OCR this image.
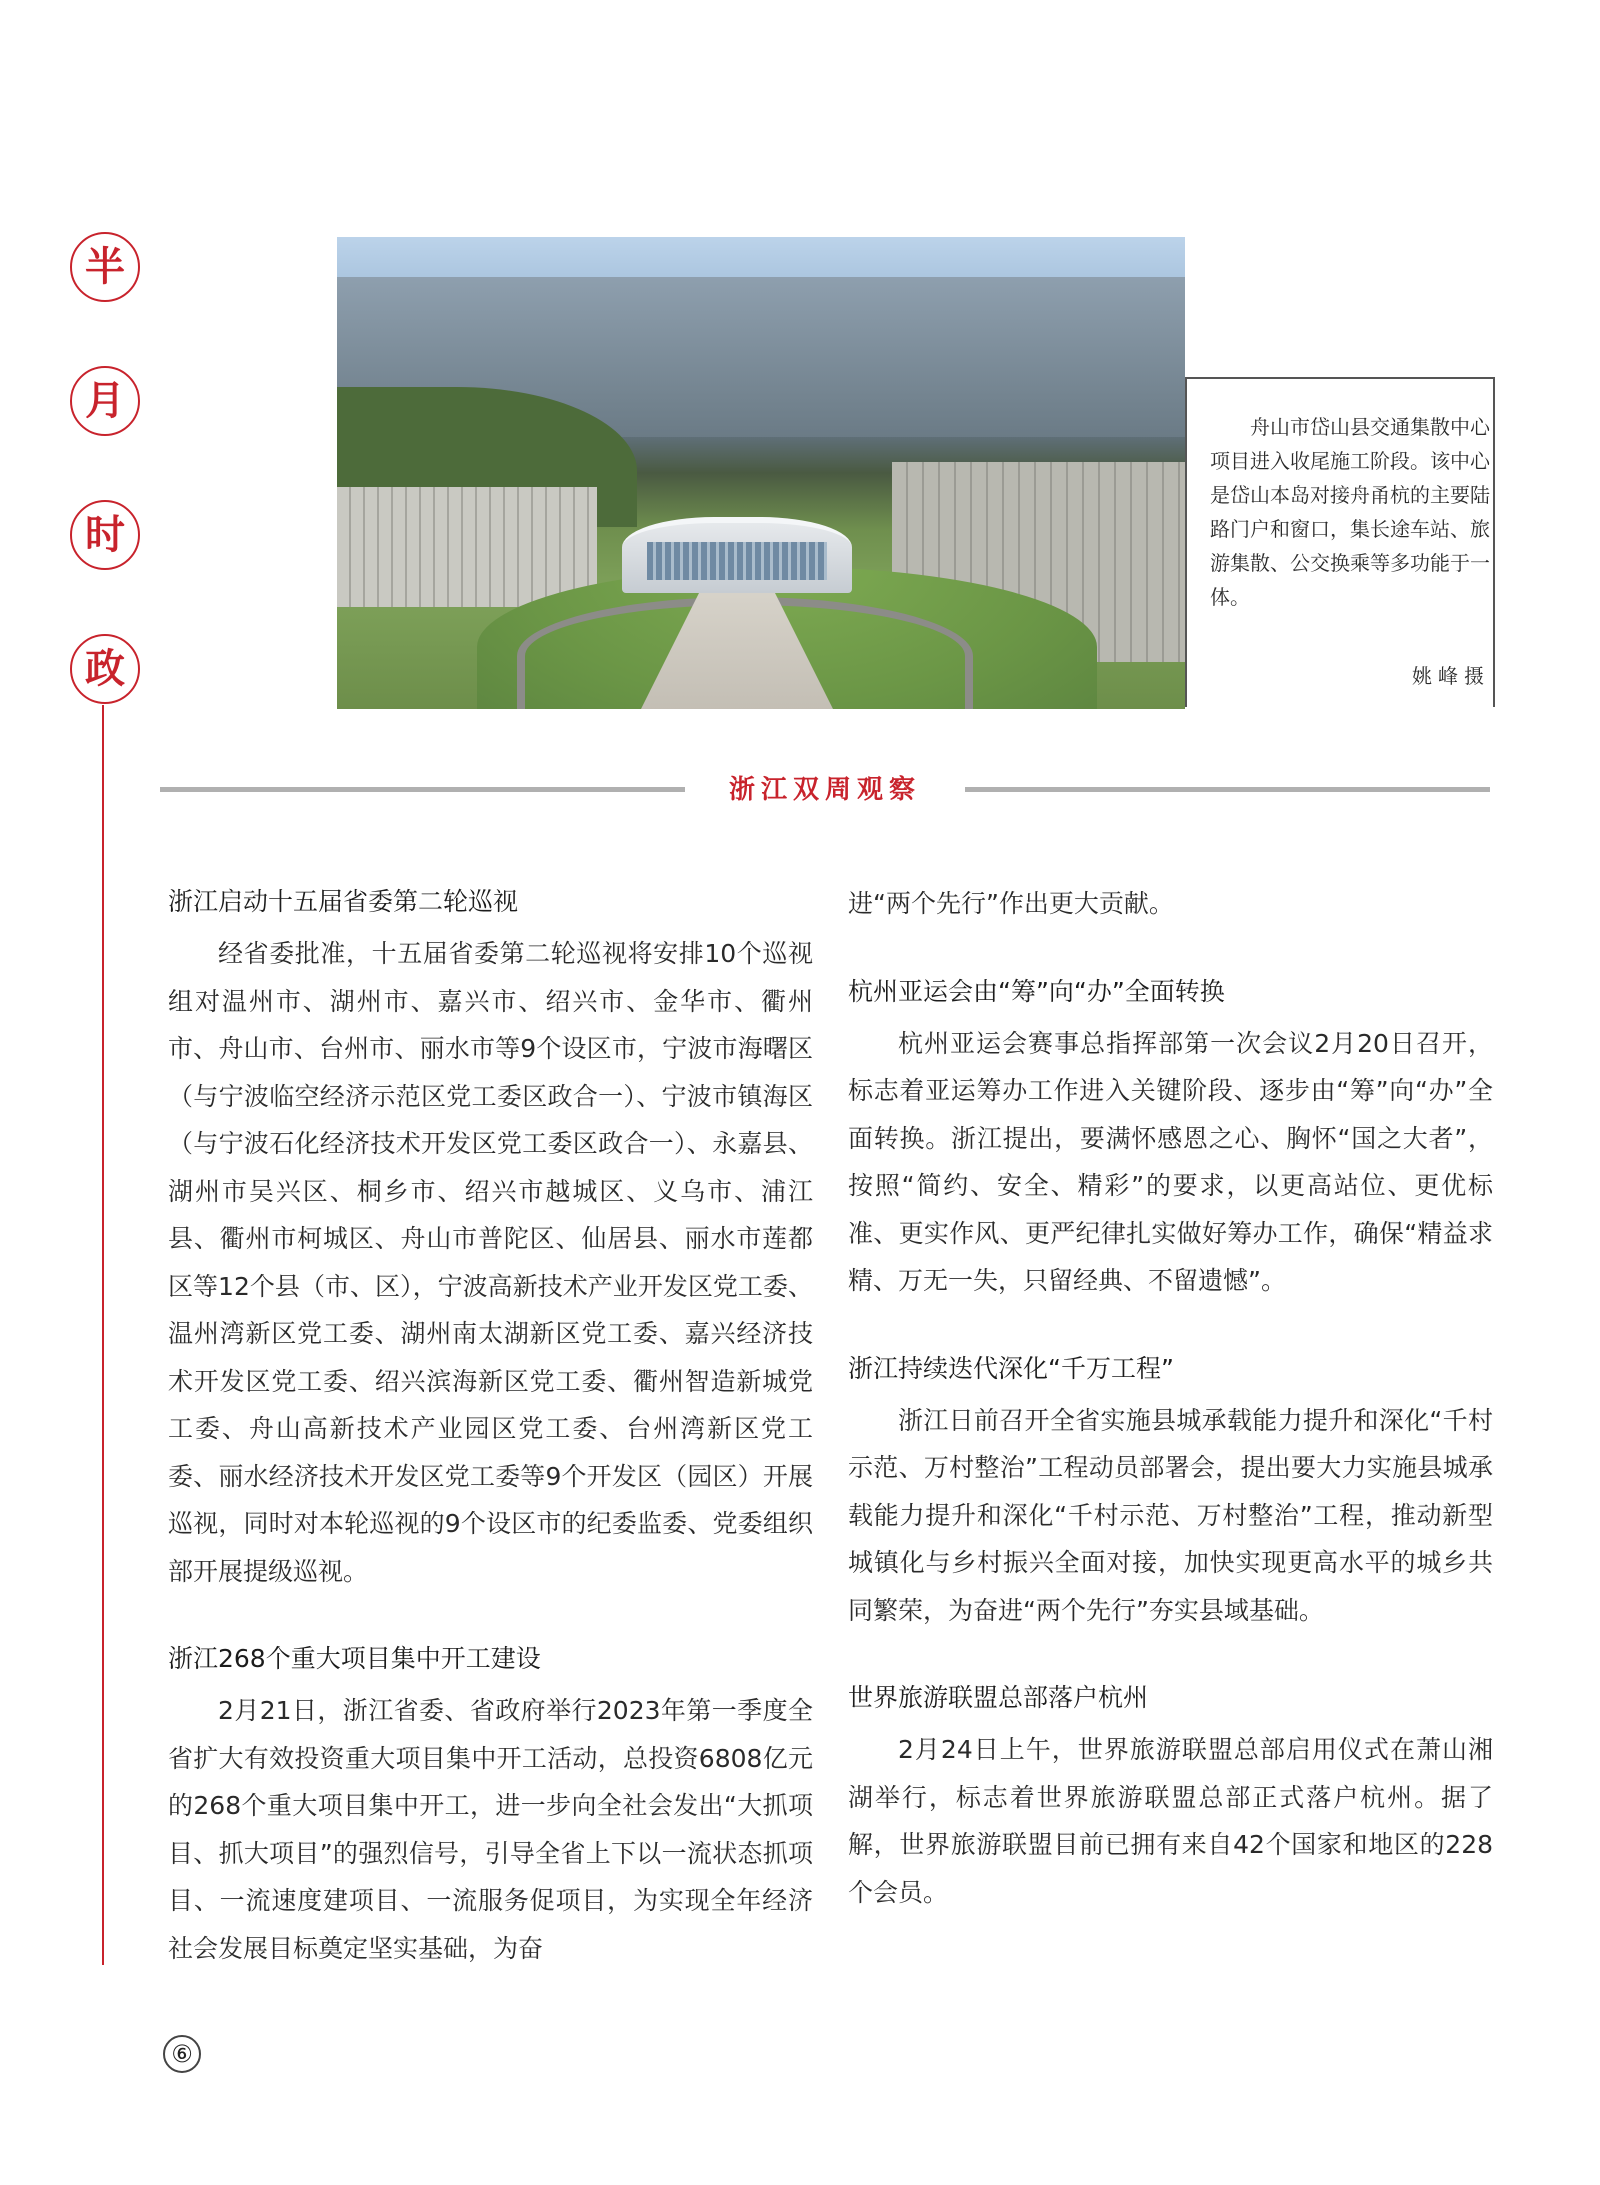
半
月
时
政

舟山市岱山县交通集散中心项目进入收尾施工阶段。该中心是岱山本岛对接舟甬杭的主要陆路门户和窗口，集长途车站、旅游集散、公交换乘等多功能于一体。

姚峰摄
浙江双周观察
浙江启动十五届省委第二轮巡视

经省委批准，十五届省委第二轮巡视将安排10个巡视组对温州市、湖州市、嘉兴市、绍兴市、金华市、衢州市、舟山市、台州市、丽水市等9个设区市，宁波市海曙区（与宁波临空经济示范区党工委区政合一）、宁波市镇海区（与宁波石化经济技术开发区党工委区政合一）、永嘉县、湖州市吴兴区、桐乡市、绍兴市越城区、义乌市、浦江县、衢州市柯城区、舟山市普陀区、仙居县、丽水市莲都区等12个县（市、区），宁波高新技术产业开发区党工委、温州湾新区党工委、湖州南太湖新区党工委、嘉兴经济技术开发区党工委、绍兴滨海新区党工委、衢州智造新城党工委、舟山高新技术产业园区党工委、台州湾新区党工委、丽水经济技术开发区党工委等9个开发区（园区）开展巡视，同时对本轮巡视的9个设区市的纪委监委、党委组织部开展提级巡视。

浙江268个重大项目集中开工建设

2月21日，浙江省委、省政府举行2023年第一季度全省扩大有效投资重大项目集中开工活动，总投资6808亿元的268个重大项目集中开工，进一步向全社会发出“大抓项目、抓大项目”的强烈信号，引导全省上下以一流状态抓项目、一流速度建项目、一流服务促项目，为实现全年经济社会发展目标奠定坚实基础，为奋

进“两个先行”作出更大贡献。

杭州亚运会由“筹”向“办”全面转换

杭州亚运会赛事总指挥部第一次会议2月20日召开，标志着亚运筹办工作进入关键阶段、逐步由“筹”向“办”全面转换。浙江提出，要满怀感恩之心、胸怀“国之大者”，按照“简约、安全、精彩”的要求，以更高站位、更优标准、更实作风、更严纪律扎实做好筹办工作，确保“精益求精、万无一失，只留经典、不留遗憾”。

浙江持续迭代深化“千万工程”

浙江日前召开全省实施县城承载能力提升和深化“千村示范、万村整治”工程动员部署会，提出要大力实施县城承载能力提升和深化“千村示范、万村整治”工程，推动新型城镇化与乡村振兴全面对接，加快实现更高水平的城乡共同繁荣，为奋进“两个先行”夯实县域基础。

世界旅游联盟总部落户杭州

2月24日上午，世界旅游联盟总部启用仪式在萧山湘湖举行，标志着世界旅游联盟总部正式落户杭州。据了解，世界旅游联盟目前已拥有来自42个国家和地区的228个会员。

⑥
